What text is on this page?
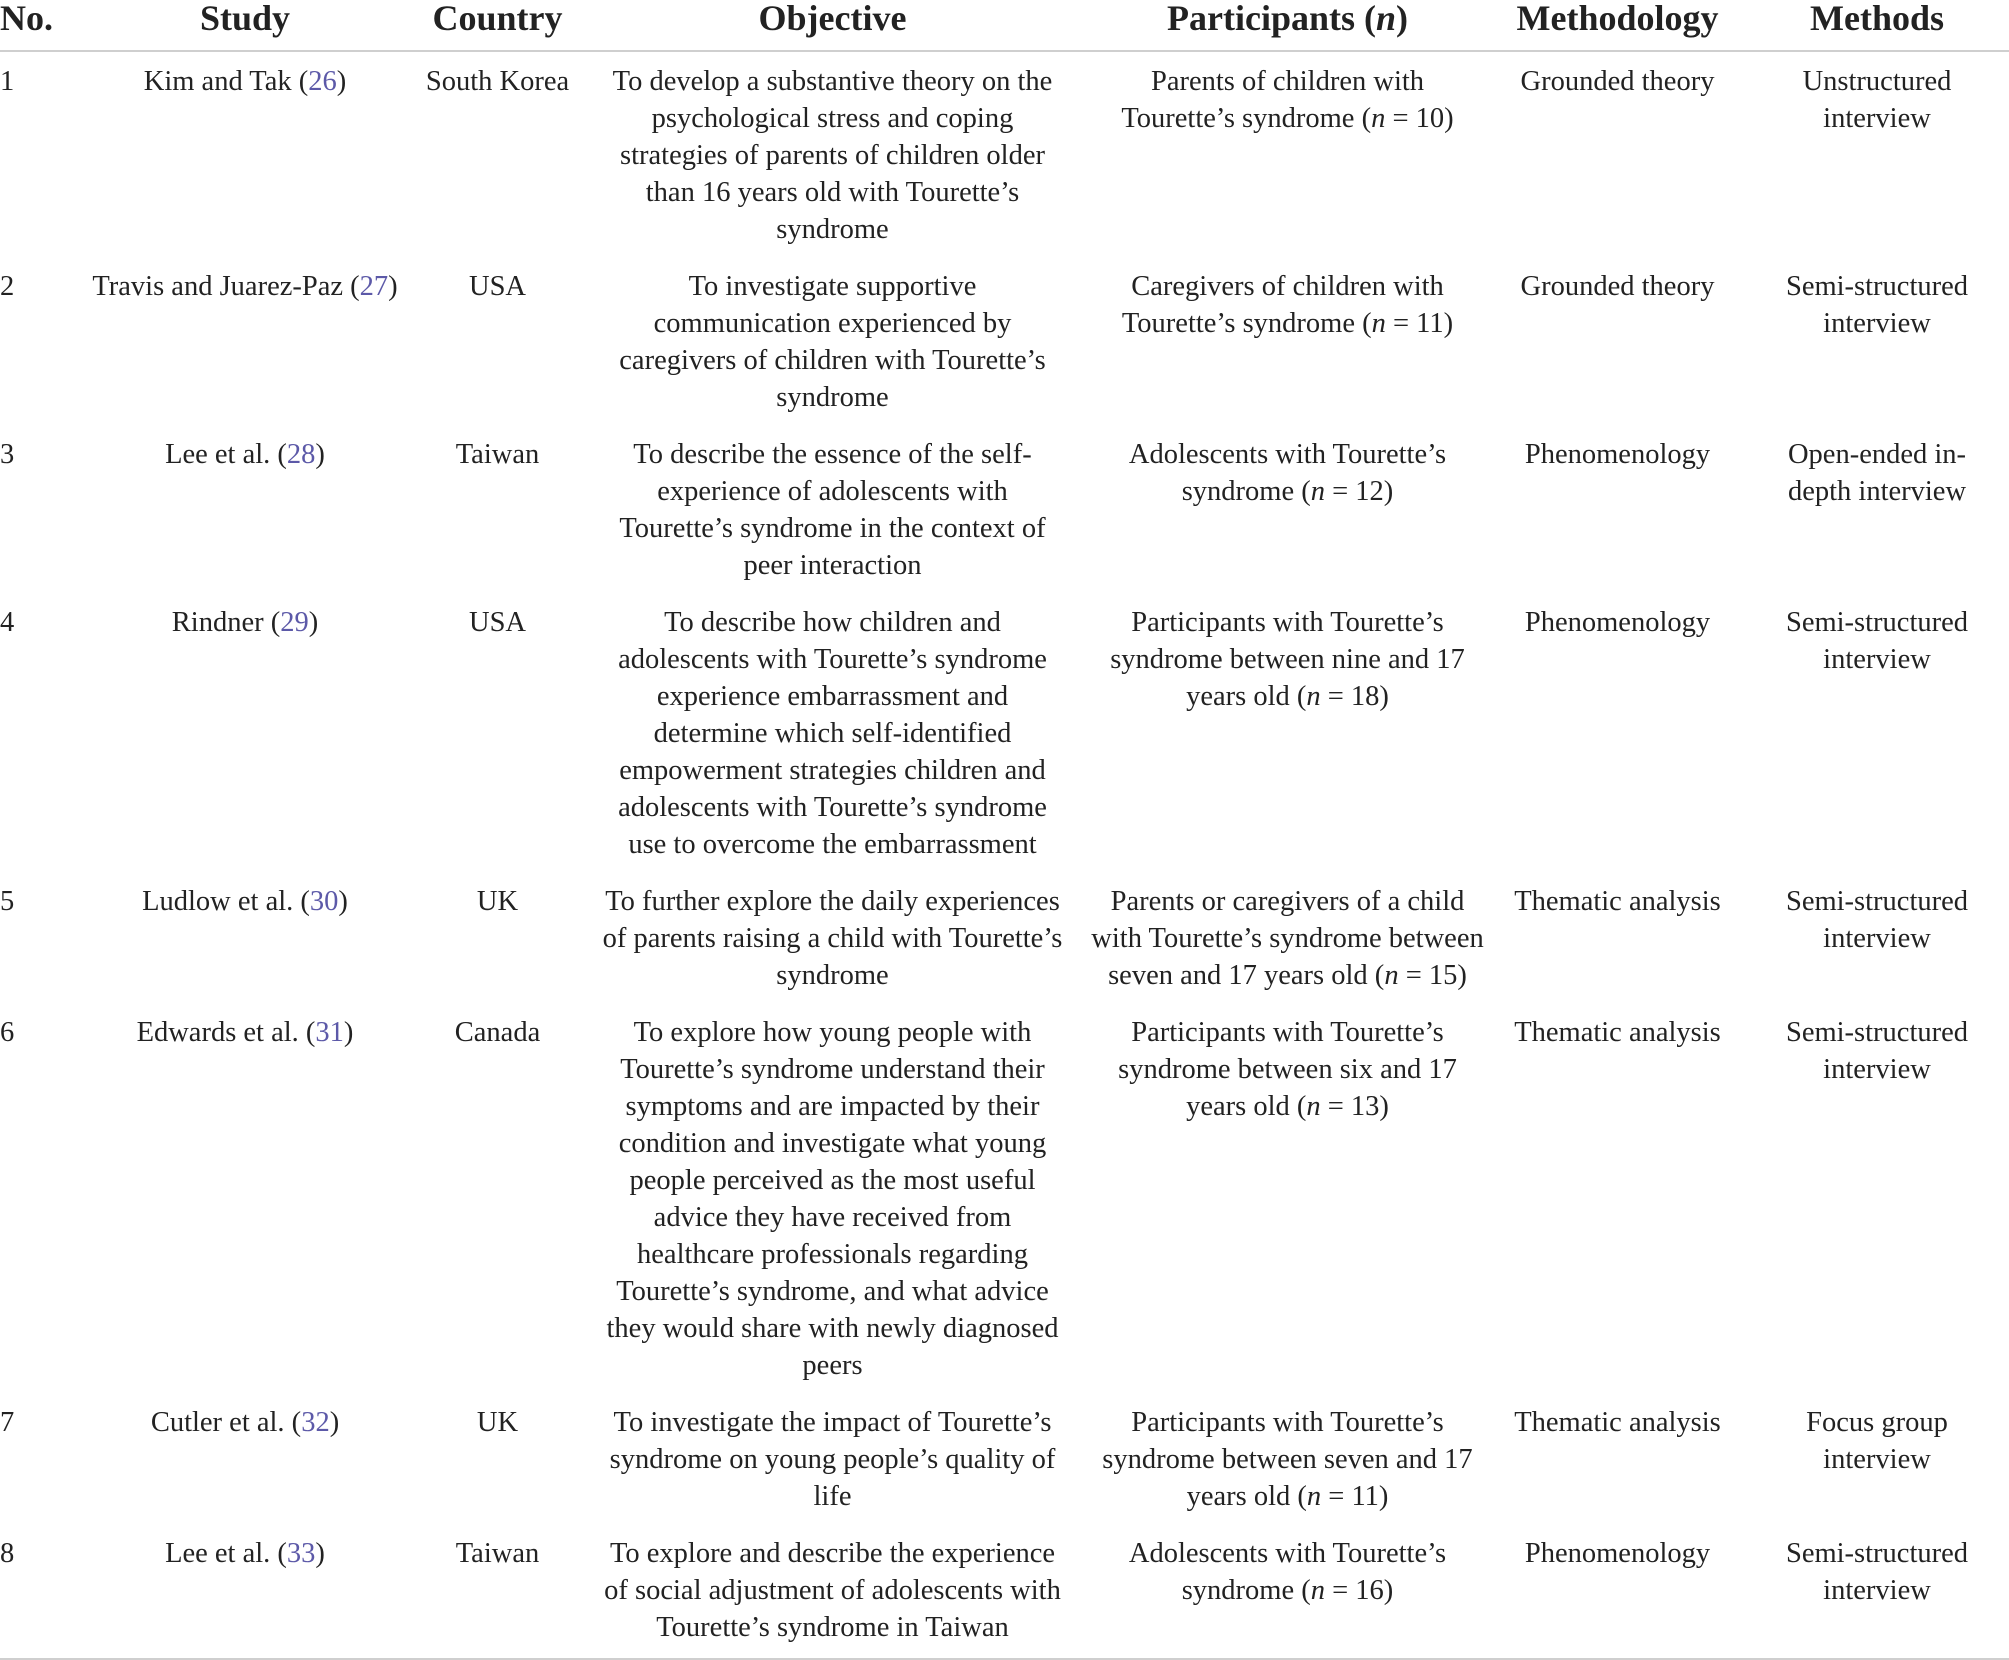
No.	Study	Country	Objective	Participants (n)	Methodology	Methods
1	Kim and Tak (26)	South Korea	To develop a substantive theory on the psychological stress and coping strategies of parents of children older than 16 years old with Tourette’s syndrome	Parents of children with Tourette’s syndrome (n = 10)	Grounded theory	Unstructured interview
2	Travis and Juarez-Paz (27)	USA	To investigate supportive communication experienced by caregivers of children with Tourette’s syndrome	Caregivers of children with Tourette’s syndrome (n = 11)	Grounded theory	Semi-structured interview
3	Lee et al. (28)	Taiwan	To describe the essence of the self-experience of adolescents with Tourette’s syndrome in the context of peer interaction	Adolescents with Tourette’s syndrome (n = 12)	Phenomenology	Open-ended in-depth interview
4	Rindner (29)	USA	To describe how children and adolescents with Tourette’s syndrome experience embarrassment and determine which self-identified empowerment strategies children and adolescents with Tourette’s syndrome use to overcome the embarrassment	Participants with Tourette’s syndrome between nine and 17 years old (n = 18)	Phenomenology	Semi-structured interview
5	Ludlow et al. (30)	UK	To further explore the daily experiences of parents raising a child with Tourette’s syndrome	Parents or caregivers of a child with Tourette’s syndrome between seven and 17 years old (n = 15)	Thematic analysis	Semi-structured interview
6	Edwards et al. (31)	Canada	To explore how young people with Tourette’s syndrome understand their symptoms and are impacted by their condition and investigate what young people perceived as the most useful advice they have received from healthcare professionals regarding Tourette’s syndrome, and what advice they would share with newly diagnosed peers	Participants with Tourette’s syndrome between six and 17 years old (n = 13)	Thematic analysis	Semi-structured interview
7	Cutler et al. (32)	UK	To investigate the impact of Tourette’s syndrome on young people’s quality of life	Participants with Tourette’s syndrome between seven and 17 years old (n = 11)	Thematic analysis	Focus group interview
8	Lee et al. (33)	Taiwan	To explore and describe the experience of social adjustment of adolescents with Tourette’s syndrome in Taiwan	Adolescents with Tourette’s syndrome (n = 16)	Phenomenology	Semi-structured interview
